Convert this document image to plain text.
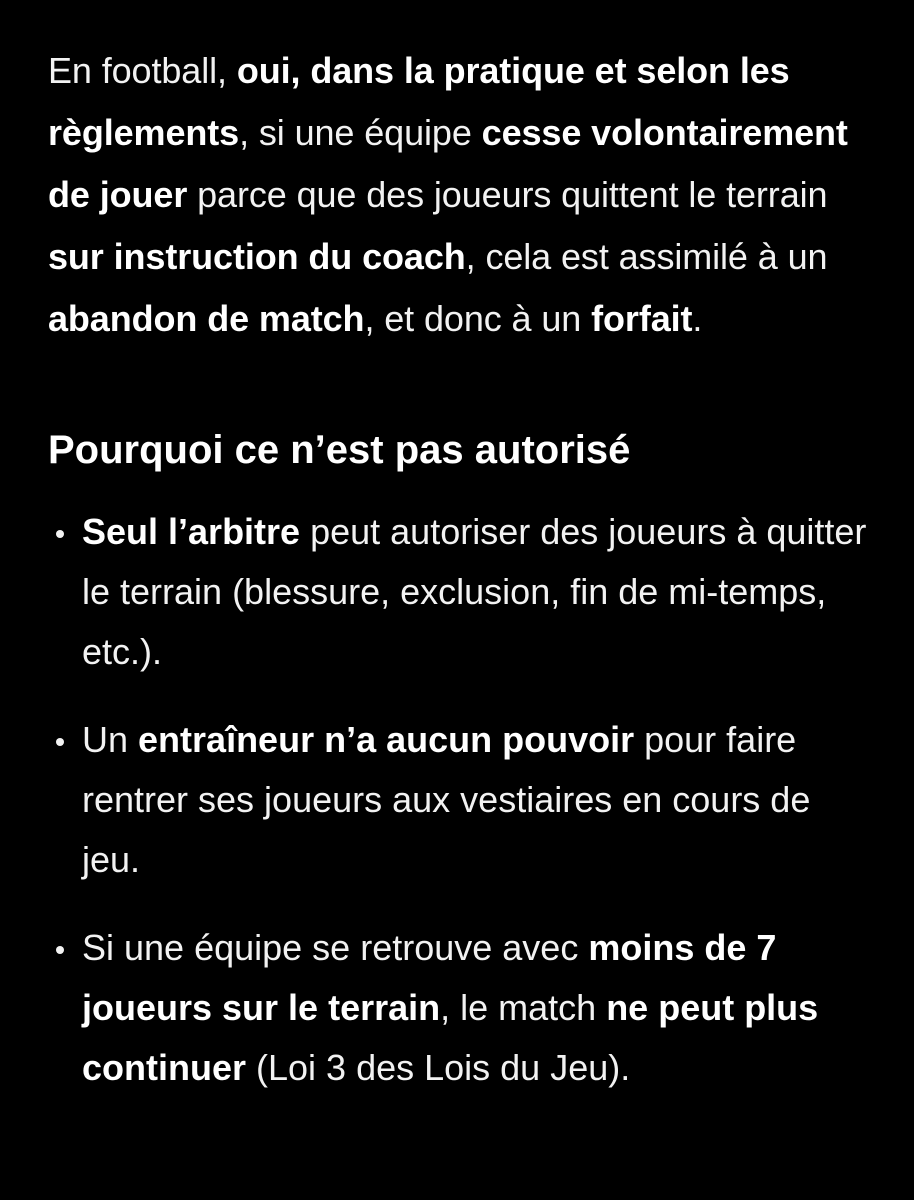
En football, oui, dans la pratique et selon les règlements, si une équipe cesse volontairement de jouer parce que des joueurs quittent le terrain sur instruction du coach, cela est assimilé à un abandon de match, et donc à un forfait.

Pourquoi ce n’est pas autorisé

Seul l’arbitre peut autoriser des joueurs à quitter le terrain (blessure, exclusion, fin de mi-temps, etc.).

Un entraîneur n’a aucun pouvoir pour faire rentrer ses joueurs aux vestiaires en cours de jeu.

Si une équipe se retrouve avec moins de 7 joueurs sur le terrain, le match ne peut plus continuer (Loi 3 des Lois du Jeu).
